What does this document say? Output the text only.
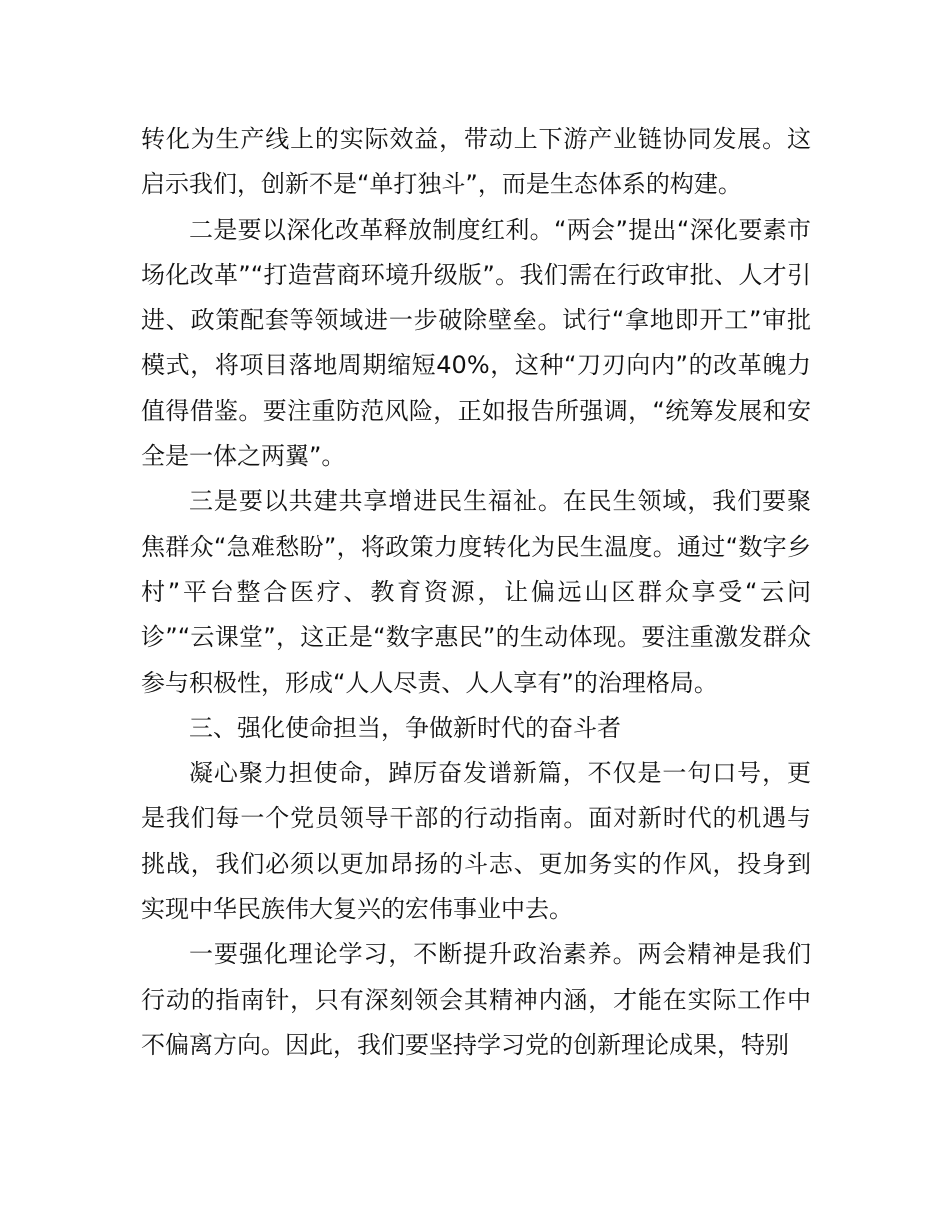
转化为生产线上的实际效益，带动上下游产业链协同发展。这启示我们，创新不是“单打独斗”，而是生态体系的构建。

二是要以深化改革释放制度红利。“两会”提出“深化要素市场化改革”“打造营商环境升级版”。我们需在行政审批、人才引进、政策配套等领域进一步破除壁垒。试行“拿地即开工”审批模式，将项目落地周期缩短40%，这种“刀刃向内”的改革魄力值得借鉴。要注重防范风险，正如报告所强调，“统筹发展和安全是一体之两翼”。

三是要以共建共享增进民生福祉。在民生领域，我们要聚焦群众“急难愁盼”，将政策力度转化为民生温度。通过“数字乡村”平台整合医疗、教育资源，让偏远山区群众享受“云问诊”“云课堂”，这正是“数字惠民”的生动体现。要注重激发群众参与积极性，形成“人人尽责、人人享有”的治理格局。

三、强化使命担当，争做新时代的奋斗者

凝心聚力担使命，踔厉奋发谱新篇，不仅是一句口号，更是我们每一个党员领导干部的行动指南。面对新时代的机遇与挑战，我们必须以更加昂扬的斗志、更加务实的作风，投身到实现中华民族伟大复兴的宏伟事业中去。

一要强化理论学习，不断提升政治素养。两会精神是我们行动的指南针，只有深刻领会其精神内涵，才能在实际工作中不偏离方向。因此，我们要坚持学习党的创新理论成果，特别
